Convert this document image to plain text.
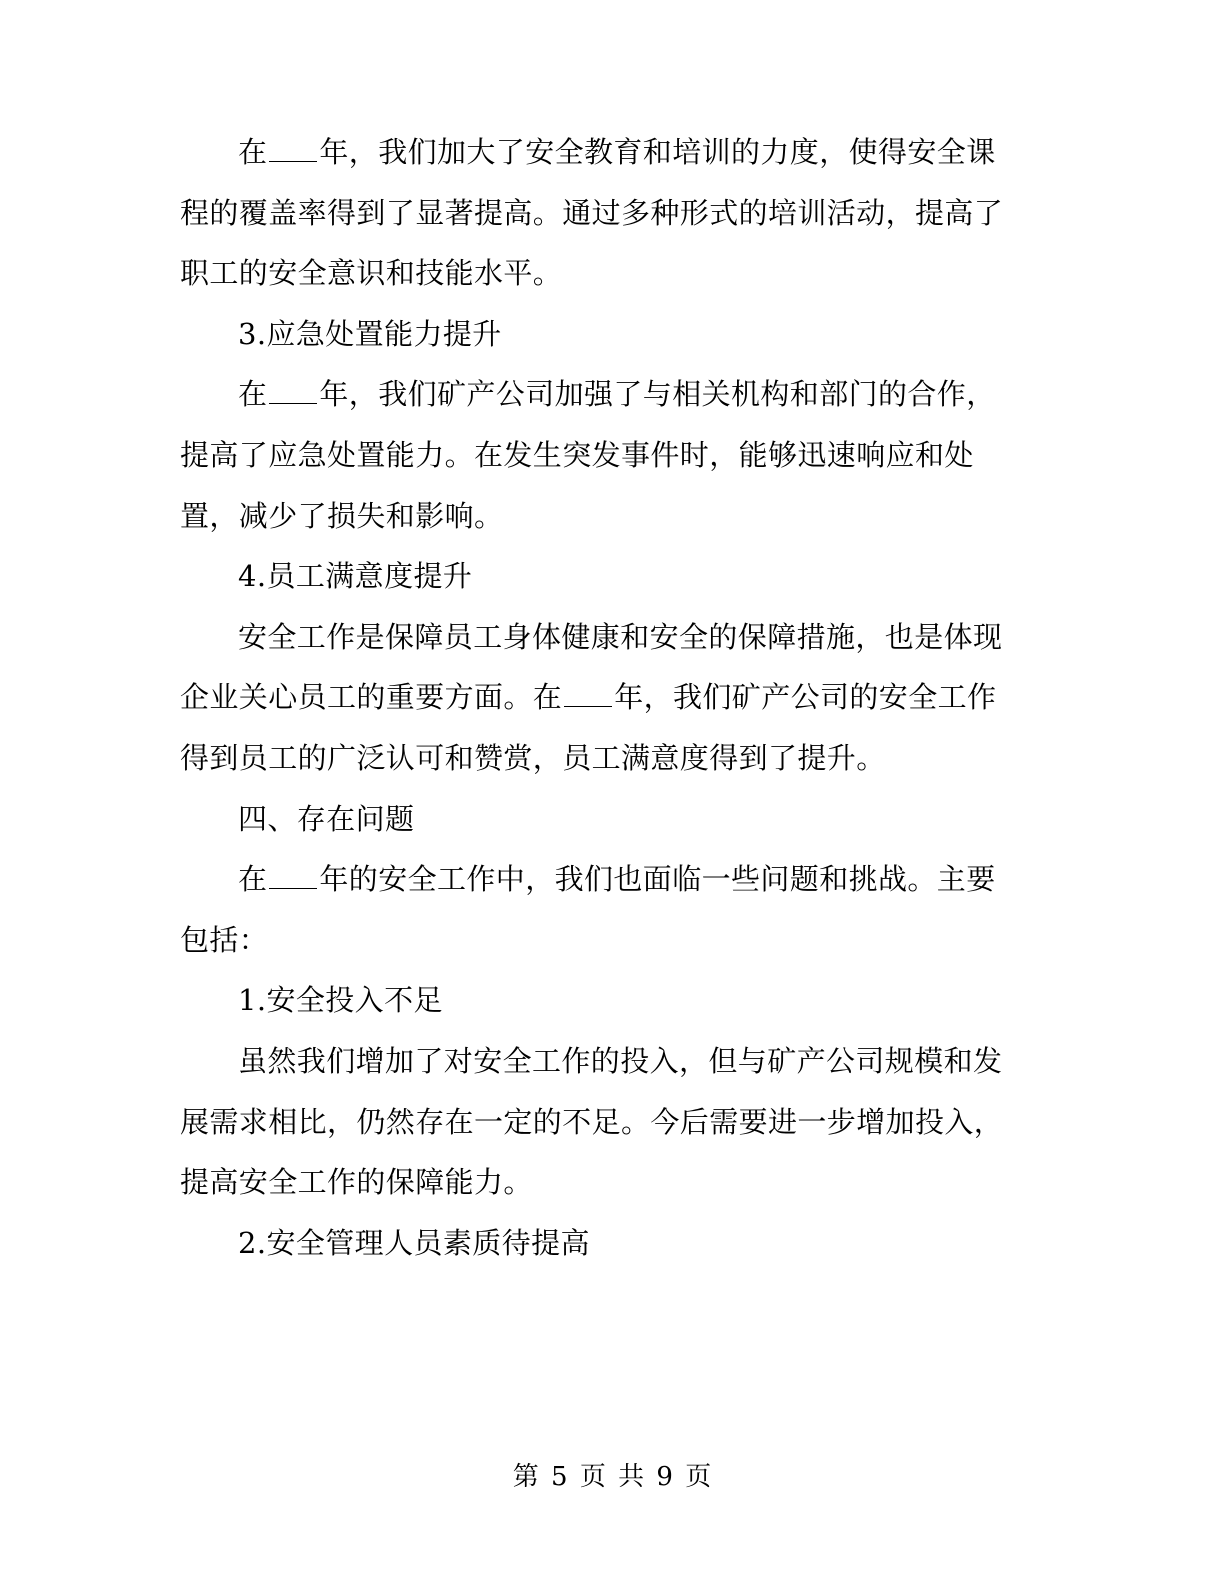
在 年，我们加大了安全教育和培训的力度，使得安全课程的覆盖率得到了显著提高。通过多种形式的培训活动，提高了职工的安全意识和技能水平。

3.应急处置能力提升

在 年，我们矿产公司加强了与相关机构和部门的合作，提高了应急处置能力。在发生突发事件时，能够迅速响应和处置，减少了损失和影响。

4.员工满意度提升

安全工作是保障员工身体健康和安全的保障措施，也是体现企业关心员工的重要方面。在 年，我们矿产公司的安全工作得到员工的广泛认可和赞赏，员工满意度得到了提升。

四、存在问题

在 年的安全工作中，我们也面临一些问题和挑战。主要包括：

1.安全投入不足

虽然我们增加了对安全工作的投入，但与矿产公司规模和发展需求相比，仍然存在一定的不足。今后需要进一步增加投入，提高安全工作的保障能力。

2.安全管理人员素质待提高

第 5 页 共 9 页
